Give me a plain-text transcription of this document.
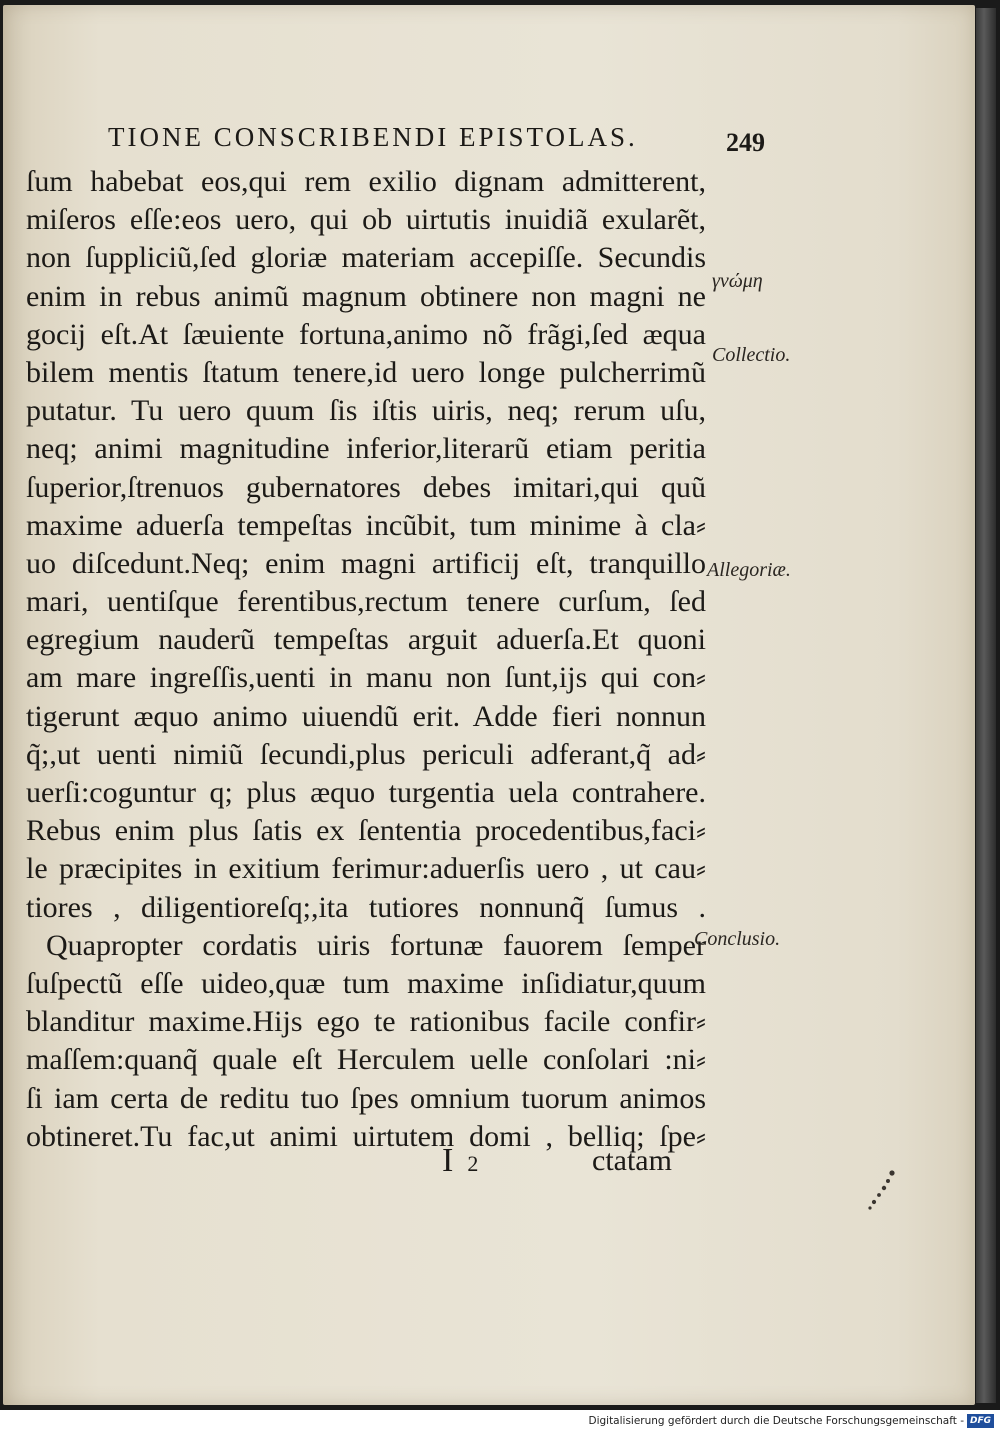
TIONE CONSCRIBENDI EPISTOLAS.	249
ſum habebat eos,qui rem exilio dignam admitterent,
miſeros eſſe:eos uero, qui ob uirtutis inuidiã exularẽt,
non ſuppliciũ,ſed gloriæ materiam accepiſſe. Secundis
enim in rebus animũ magnum obtinere non magni ne
gocij eſt.At ſæuiente fortuna,animo nõ frãgi,ſed æqua
bilem mentis ſtatum tenere,id uero longe pulcherrimũ
putatur. Tu uero quum ſis iſtis uiris, neq; rerum uſu,
neq; animi magnitudine inferior,literarũ etiam peritia
ſuperior,ſtrenuos gubernatores debes imitari,qui quũ
maxime aduerſa tempeſtas incũbit, tum minime à cla⸗
uo diſcedunt.Neq; enim magni artificij eſt, tranquillo
mari, uentiſque ferentibus,rectum tenere curſum, ſed
egregium nauderũ tempeſtas arguit aduerſa.Et quoni
am mare ingreſſis,uenti in manu non ſunt,ijs qui con⸗
tigerunt æquo animo uiuendũ erit. Adde fieri nonnun
q̃;,ut uenti nimiũ ſecundi,plus periculi adferant,q̃ ad⸗
uerſi:coguntur q; plus æquo turgentia uela contrahere.
Rebus enim plus ſatis ex ſententia procedentibus,faci⸗
le præcipites in exitium ferimur:aduerſis uero , ut cau⸗
tiores , diligentioreſq;,ita tutiores nonnunq̃ ſumus .
Quapropter cordatis uiris fortunæ fauorem ſemper
ſuſpectũ eſſe uideo,quæ tum maxime inſidiatur,quum
blanditur maxime.Hijs ego te rationibus facile confir⸗
maſſem:quanq̃ quale eſt Herculem uelle conſolari :ni⸗
ſi iam certa de reditu tuo ſpes omnium tuorum animos
obtineret.Tu fac,ut animi uirtutem domi , belliq; ſpe⸗
γνώμη
Collectio.
Allegoriæ.
Conclusio.
I 2	ctatam
Digitalisierung gefördert durch die Deutsche Forschungsgemeinschaft - DFG
